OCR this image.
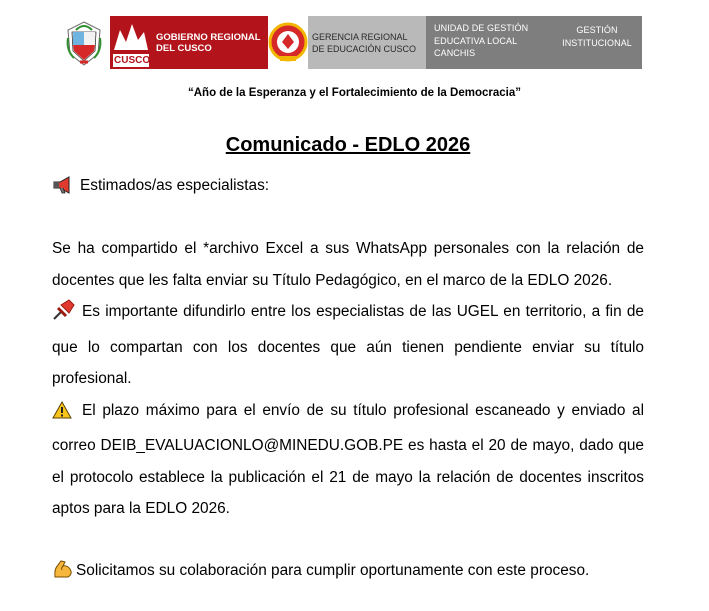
CUSCO
GOBIERNO REGIONAL
DEL CUSCO
GERENCIA REGIONAL
DE EDUCACIÓN CUSCO
UNIDAD DE GESTIÓN
EDUCATIVA LOCAL
CANCHIS
GESTIÓN
INSTITUCIONAL
“Año de la Esperanza y el Fortalecimiento de la Democracia”
Comunicado - EDLO 2026
Estimados/as especialistas:

Se ha compartido el *archivo Excel a sus WhatsApp personales con la relación de docentes que les falta enviar su Título Pedagógico, en el marco de la EDLO 2026.

Es importante difundirlo entre los especialistas de las UGEL en territorio, a fin de que lo compartan con los docentes que aún tienen pendiente enviar su título profesional.

El plazo máximo para el envío de su título profesional escaneado y enviado al correo DEIB_EVALUACIONLO@MINEDU.GOB.PE es hasta el 20 de mayo, dado que el protocolo establece la publicación el 21 de mayo la relación de docentes inscritos aptos para la EDLO 2026.

Solicitamos su colaboración para cumplir oportunamente con este proceso.
